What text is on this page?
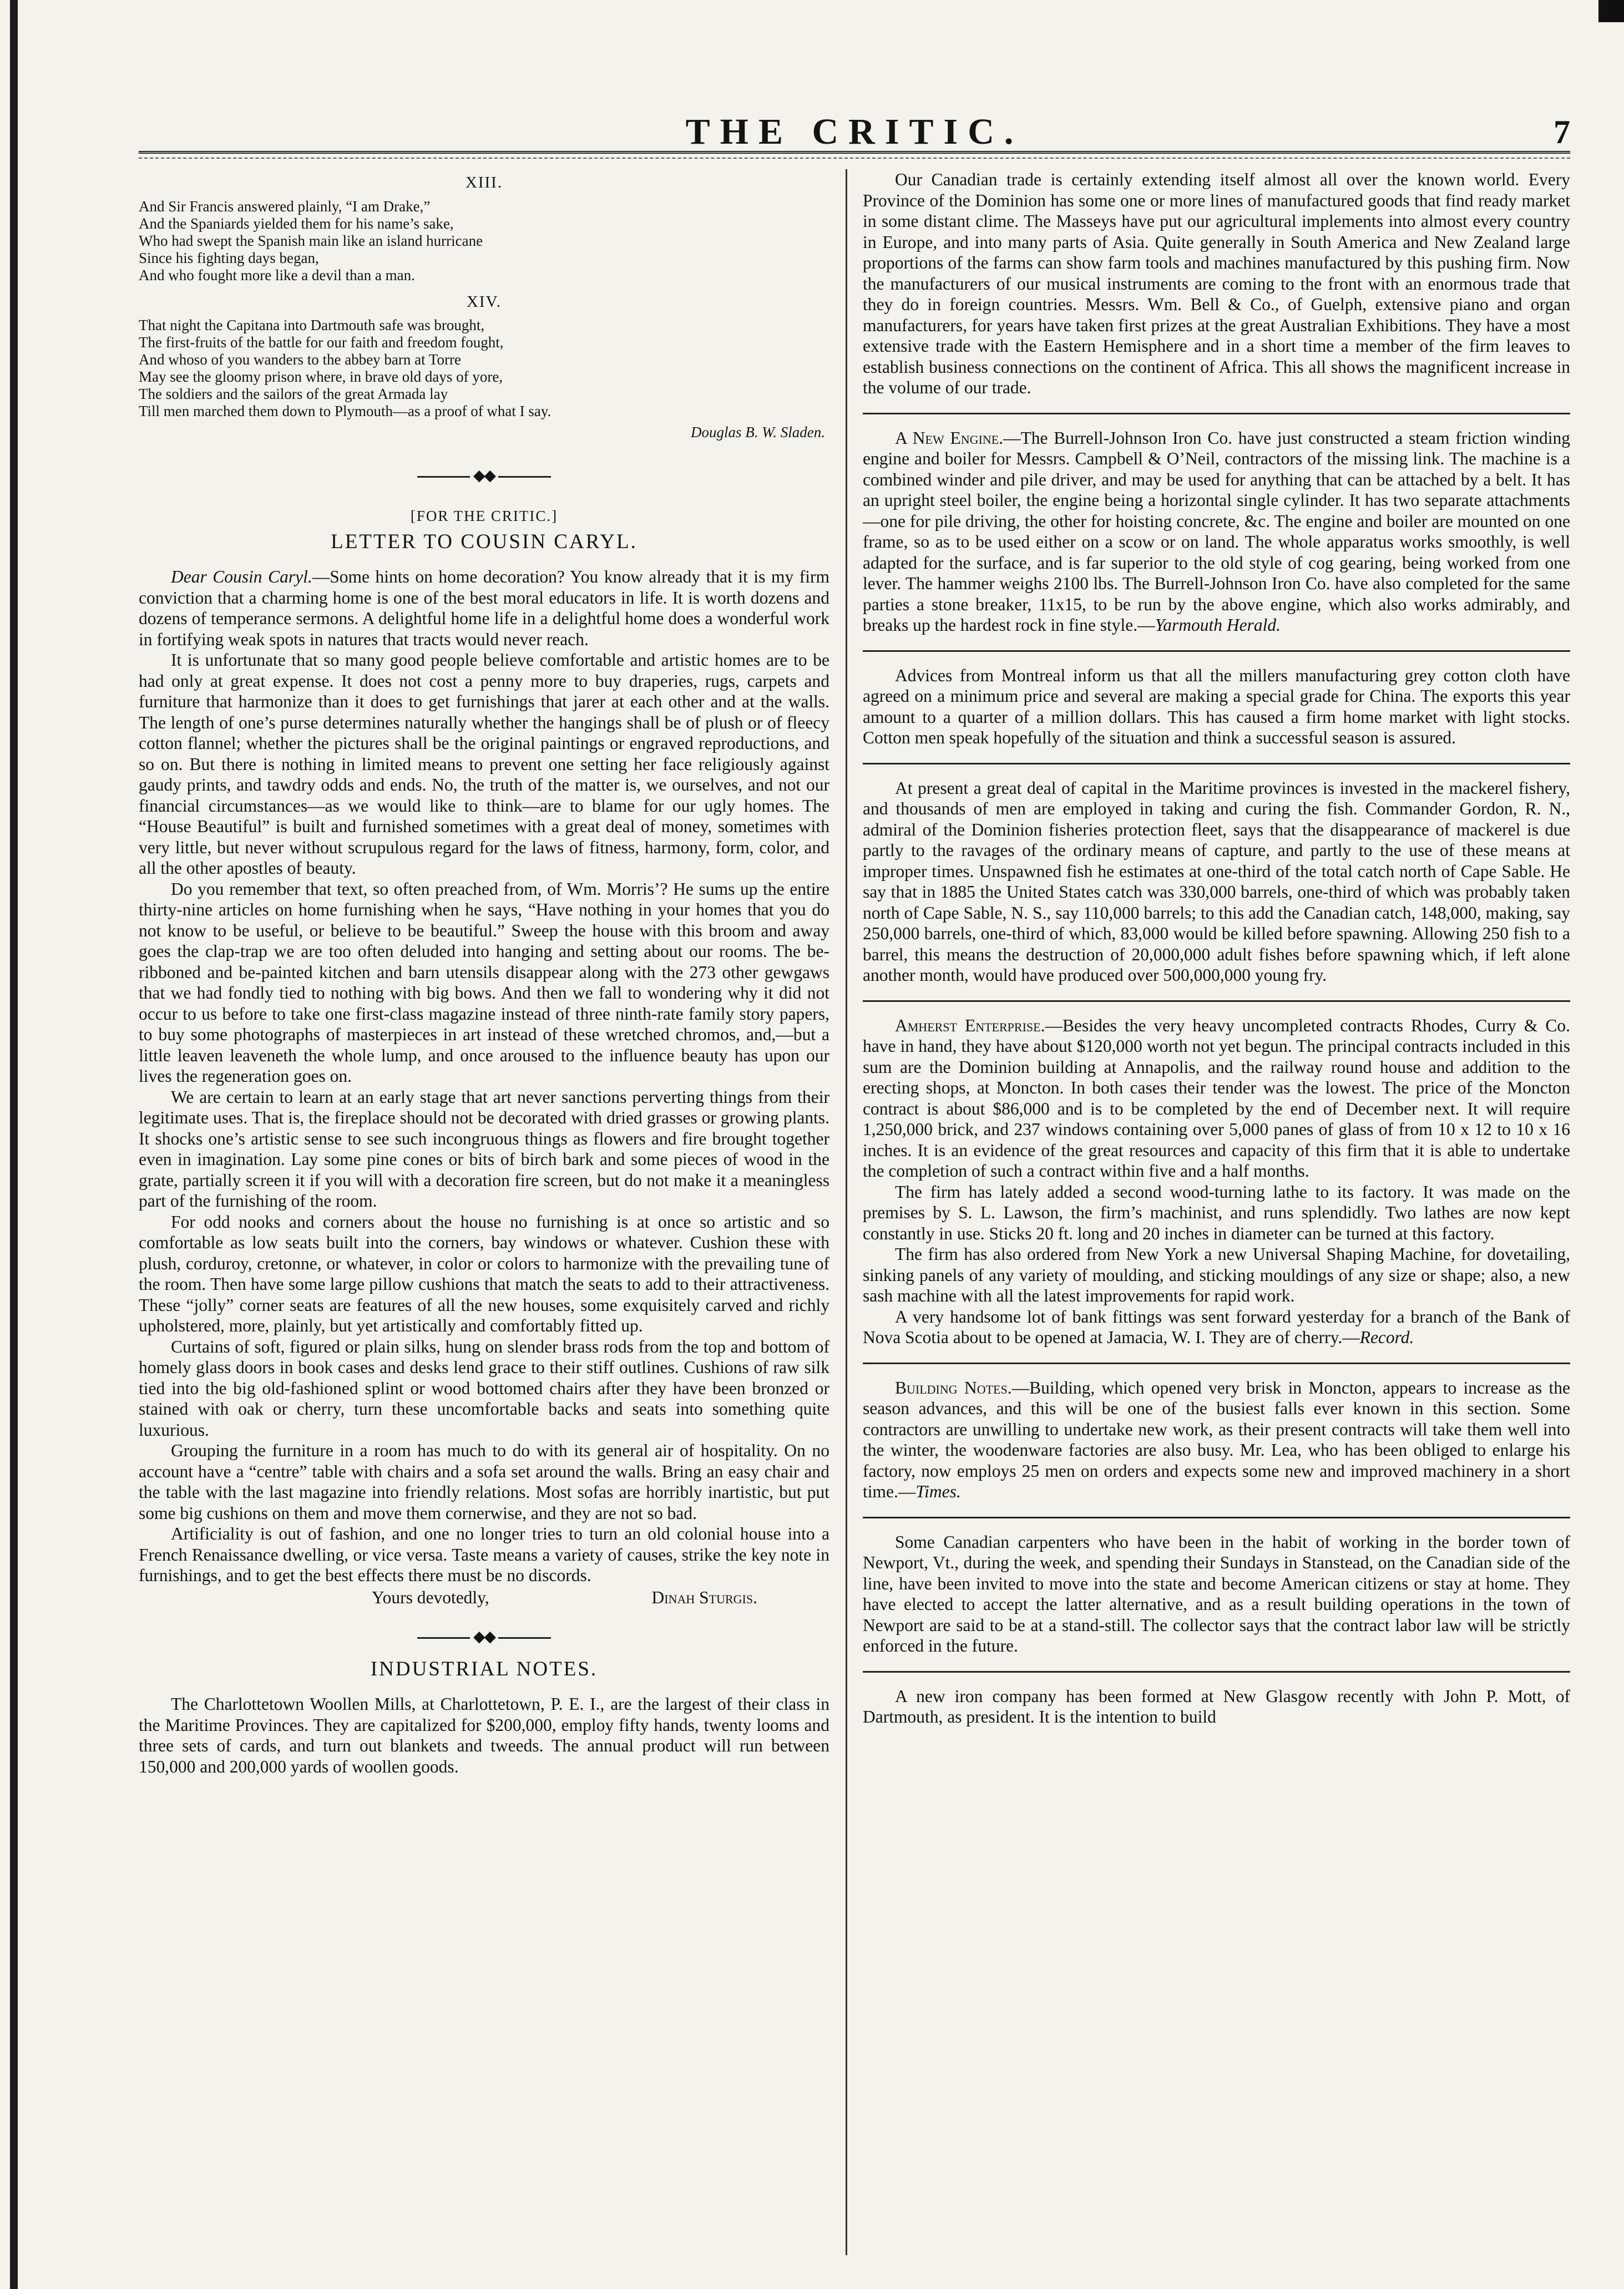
THE CRITIC.	7
XIII.
And Sir Francis answered plainly, “I am Drake,”
And the Spaniards yielded them for his name’s sake,
Who had swept the Spanish main like an island hurricane
Since his fighting days began,
And who fought more like a devil than a man.
XIV.
That night the Capitana into Dartmouth safe was brought,
The first-fruits of the battle for our faith and freedom fought,
And whoso of you wanders to the abbey barn at Torre
May see the gloomy prison where, in brave old days of yore,
The soldiers and the sailors of the great Armada lay
Till men marched them down to Plymouth—as a proof of what I say.
Douglas B. W. Sladen.
◆◆
[FOR THE CRITIC.]
LETTER TO COUSIN CARYL.

Dear Cousin Caryl.—Some hints on home decoration? You know already that it is my firm conviction that a charming home is one of the best moral educators in life. It is worth dozens and dozens of temperance sermons. A delightful home life in a delightful home does a wonderful work in fortifying weak spots in natures that tracts would never reach.

It is unfortunate that so many good people believe comfortable and artistic homes are to be had only at great expense. It does not cost a penny more to buy draperies, rugs, carpets and furniture that harmonize than it does to get furnishings that jarer at each other and at the walls. The length of one’s purse determines naturally whether the hangings shall be of plush or of fleecy cotton flannel; whether the pictures shall be the original paintings or engraved reproductions, and so on. But there is nothing in limited means to prevent one setting her face religiously against gaudy prints, and tawdry odds and ends. No, the truth of the matter is, we ourselves, and not our financial circumstances—as we would like to think—are to blame for our ugly homes. The “House Beautiful” is built and furnished sometimes with a great deal of money, sometimes with very little, but never without scrupulous regard for the laws of fitness, harmony, form, color, and all the other apostles of beauty.

Do you remember that text, so often preached from, of Wm. Morris’? He sums up the entire thirty-nine articles on home furnishing when he says, “Have nothing in your homes that you do not know to be useful, or believe to be beautiful.” Sweep the house with this broom and away goes the clap-trap we are too often deluded into hanging and setting about our rooms. The be-ribboned and be-painted kitchen and barn utensils disappear along with the 273 other gewgaws that we had fondly tied to nothing with big bows. And then we fall to wondering why it did not occur to us before to take one first-class magazine instead of three ninth-rate family story papers, to buy some photographs of masterpieces in art instead of these wretched chromos, and,—but a little leaven leaveneth the whole lump, and once aroused to the influence beauty has upon our lives the regeneration goes on.

We are certain to learn at an early stage that art never sanctions perverting things from their legitimate uses. That is, the fireplace should not be decorated with dried grasses or growing plants. It shocks one’s artistic sense to see such incongruous things as flowers and fire brought together even in imagination. Lay some pine cones or bits of birch bark and some pieces of wood in the grate, partially screen it if you will with a decoration fire screen, but do not make it a meaningless part of the furnishing of the room.

For odd nooks and corners about the house no furnishing is at once so artistic and so comfortable as low seats built into the corners, bay windows or whatever. Cushion these with plush, corduroy, cretonne, or whatever, in color or colors to harmonize with the prevailing tune of the room. Then have some large pillow cushions that match the seats to add to their attractiveness. These “jolly” corner seats are features of all the new houses, some exquisitely carved and richly upholstered, more, plainly, but yet artistically and comfortably fitted up.

Curtains of soft, figured or plain silks, hung on slender brass rods from the top and bottom of homely glass doors in book cases and desks lend grace to their stiff outlines. Cushions of raw silk tied into the big old-fashioned splint or wood bottomed chairs after they have been bronzed or stained with oak or cherry, turn these uncomfortable backs and seats into something quite luxurious.

Grouping the furniture in a room has much to do with its general air of hospitality. On no account have a “centre” table with chairs and a sofa set around the walls. Bring an easy chair and the table with the last magazine into friendly relations. Most sofas are horribly inartistic, but put some big cushions on them and move them cornerwise, and they are not so bad.

Artificiality is out of fashion, and one no longer tries to turn an old colonial house into a French Renaissance dwelling, or vice versa. Taste means a variety of causes, strike the key note in furnishings, and to get the best effects there must be no discords.

Yours devotedly,	Dinah Sturgis.
◆◆
INDUSTRIAL NOTES.

The Charlottetown Woollen Mills, at Charlottetown, P. E. I., are the largest of their class in the Maritime Provinces. They are capitalized for $200,000, employ fifty hands, twenty looms and three sets of cards, and turn out blankets and tweeds. The annual product will run between 150,000 and 200,000 yards of woollen goods.

Our Canadian trade is certainly extending itself almost all over the known world. Every Province of the Dominion has some one or more lines of manufactured goods that find ready market in some distant clime. The Masseys have put our agricultural implements into almost every country in Europe, and into many parts of Asia. Quite generally in South America and New Zealand large proportions of the farms can show farm tools and machines manufactured by this pushing firm. Now the manufacturers of our musical instruments are coming to the front with an enormous trade that they do in foreign countries. Messrs. Wm. Bell & Co., of Guelph, extensive piano and organ manufacturers, for years have taken first prizes at the great Australian Exhibitions. They have a most extensive trade with the Eastern Hemisphere and in a short time a member of the firm leaves to establish business connections on the continent of Africa. This all shows the magnificent increase in the volume of our trade.

A New Engine.—The Burrell-Johnson Iron Co. have just constructed a steam friction winding engine and boiler for Messrs. Campbell & O’Neil, contractors of the missing link. The machine is a combined winder and pile driver, and may be used for anything that can be attached by a belt. It has an upright steel boiler, the engine being a horizontal single cylinder. It has two separate attachments—one for pile driving, the other for hoisting concrete, &c. The engine and boiler are mounted on one frame, so as to be used either on a scow or on land. The whole apparatus works smoothly, is well adapted for the surface, and is far superior to the old style of cog gearing, being worked from one lever. The hammer weighs 2100 lbs. The Burrell-Johnson Iron Co. have also completed for the same parties a stone breaker, 11x15, to be run by the above engine, which also works admirably, and breaks up the hardest rock in fine style.—Yarmouth Herald.

Advices from Montreal inform us that all the millers manufacturing grey cotton cloth have agreed on a minimum price and several are making a special grade for China. The exports this year amount to a quarter of a million dollars. This has caused a firm home market with light stocks. Cotton men speak hopefully of the situation and think a successful season is assured.

At present a great deal of capital in the Maritime provinces is invested in the mackerel fishery, and thousands of men are employed in taking and curing the fish. Commander Gordon, R. N., admiral of the Dominion fisheries protection fleet, says that the disappearance of mackerel is due partly to the ravages of the ordinary means of capture, and partly to the use of these means at improper times. Unspawned fish he estimates at one-third of the total catch north of Cape Sable. He say that in 1885 the United States catch was 330,000 barrels, one-third of which was probably taken north of Cape Sable, N. S., say 110,000 barrels; to this add the Canadian catch, 148,000, making, say 250,000 barrels, one-third of which, 83,000 would be killed before spawning. Allowing 250 fish to a barrel, this means the destruction of 20,000,000 adult fishes before spawning which, if left alone another month, would have produced over 500,000,000 young fry.

Amherst Enterprise.—Besides the very heavy uncompleted contracts Rhodes, Curry & Co. have in hand, they have about $120,000 worth not yet begun. The principal contracts included in this sum are the Dominion building at Annapolis, and the railway round house and addition to the erecting shops, at Moncton. In both cases their tender was the lowest. The price of the Moncton contract is about $86,000 and is to be completed by the end of December next. It will require 1,250,000 brick, and 237 windows containing over 5,000 panes of glass of from 10 x 12 to 10 x 16 inches. It is an evidence of the great resources and capacity of this firm that it is able to undertake the completion of such a contract within five and a half months.

The firm has lately added a second wood-turning lathe to its factory. It was made on the premises by S. L. Lawson, the firm’s machinist, and runs splendidly. Two lathes are now kept constantly in use. Sticks 20 ft. long and 20 inches in diameter can be turned at this factory.

The firm has also ordered from New York a new Universal Shaping Machine, for dovetailing, sinking panels of any variety of moulding, and sticking mouldings of any size or shape; also, a new sash machine with all the latest improvements for rapid work.

A very handsome lot of bank fittings was sent forward yesterday for a branch of the Bank of Nova Scotia about to be opened at Jamacia, W. I. They are of cherry.—Record.

Building Notes.—Building, which opened very brisk in Moncton, appears to increase as the season advances, and this will be one of the busiest falls ever known in this section. Some contractors are unwilling to undertake new work, as their present contracts will take them well into the winter, the woodenware factories are also busy. Mr. Lea, who has been obliged to enlarge his factory, now employs 25 men on orders and expects some new and improved machinery in a short time.—Times.

Some Canadian carpenters who have been in the habit of working in the border town of Newport, Vt., during the week, and spending their Sundays in Stanstead, on the Canadian side of the line, have been invited to move into the state and become American citizens or stay at home. They have elected to accept the latter alternative, and as a result building operations in the town of Newport are said to be at a stand-still. The collector says that the contract labor law will be strictly enforced in the future.

A new iron company has been formed at New Glasgow recently with John P. Mott, of Dartmouth, as president. It is the intention to build
